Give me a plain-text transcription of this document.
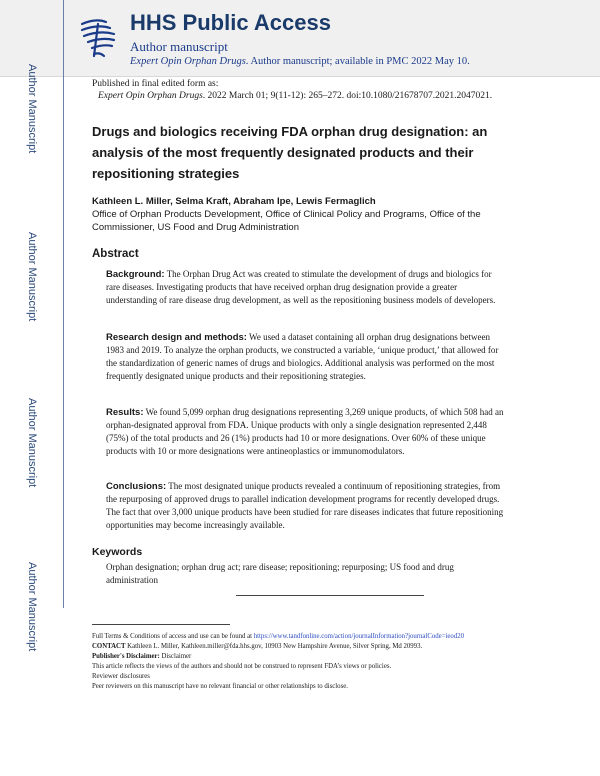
HHS Public Access
Author manuscript
Expert Opin Orphan Drugs. Author manuscript; available in PMC 2022 May 10.
Author Manuscript
Author Manuscript
Author Manuscript
Author Manuscript
Published in final edited form as:
Expert Opin Orphan Drugs. 2022 March 01; 9(11-12): 265–272. doi:10.1080/21678707.2021.2047021.
Drugs and biologics receiving FDA orphan drug designation: an analysis of the most frequently designated products and their repositioning strategies
Kathleen L. Miller, Selma Kraft, Abraham Ipe, Lewis Fermaglich
Office of Orphan Products Development, Office of Clinical Policy and Programs, Office of the Commissioner, US Food and Drug Administration
Abstract
Background: The Orphan Drug Act was created to stimulate the development of drugs and biologics for rare diseases. Investigating products that have received orphan drug designation provide a greater understanding of rare disease drug development, as well as the repositioning business models of developers.
Research design and methods: We used a dataset containing all orphan drug designations between 1983 and 2019. To analyze the orphan products, we constructed a variable, ‘unique product,’ that allowed for the standardization of generic names of drugs and biologics. Additional analysis was performed on the most frequently designated unique products and their repositioning strategies.
Results: We found 5,099 orphan drug designations representing 3,269 unique products, of which 508 had an orphan-designated approval from FDA. Unique products with only a single designation represented 2,448 (75%) of the total products and 26 (1%) products had 10 or more designations. Over 60% of these unique products with 10 or more designations were antineoplastics or immunomodulators.
Conclusions: The most designated unique products revealed a continuum of repositioning strategies, from the repurposing of approved drugs to parallel indication development programs for recently developed drugs. The fact that over 3,000 unique products have been studied for rare diseases indicates that future repositioning opportunities may become increasingly available.
Keywords
Orphan designation; orphan drug act; rare disease; repositioning; repurposing; US food and drug administration
Full Terms & Conditions of access and use can be found at https://www.tandfonline.com/action/journalInformation?journalCode=ieod20
CONTACT Kathleen L. Miller, Kathleen.miller@fda.hhs.gov, 10903 New Hampshire Avenue, Silver Spring, Md 20993.
Publisher's Disclaimer: Disclaimer
This article reflects the views of the authors and should not be construed to represent FDA’s views or policies.
Reviewer disclosures
Peer reviewers on this manuscript have no relevant financial or other relationships to disclose.
